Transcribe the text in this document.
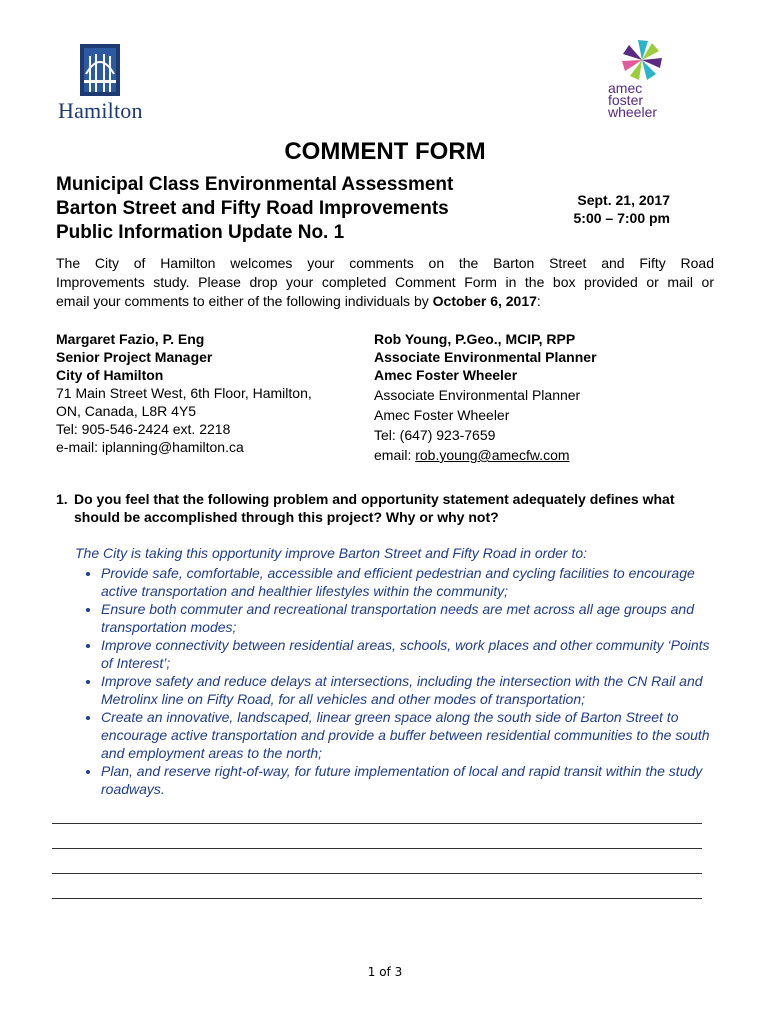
Hamilton
amec
foster
wheeler
COMMENT FORM
Municipal Class Environmental Assessment
Barton Street and Fifty Road Improvements
Public Information Update No. 1
Sept. 21, 2017
5:00 – 7:00 pm

The City of Hamilton welcomes your comments on the Barton Street and Fifty Road

Improvements study. Please drop your completed Comment Form in the box provided or mail or

email your comments to either of the following individuals by October 6, 2017:

Margaret Fazio, P. Eng
Senior Project Manager
City of Hamilton
71 Main Street West, 6th Floor, Hamilton,
ON, Canada, L8R 4Y5
Tel: 905-546-2424 ext. 2218
e-mail: iplanning@hamilton.ca
Rob Young, P.Geo., MCIP, RPP
Associate Environmental Planner
Amec Foster Wheeler
Associate Environmental Planner
Amec Foster Wheeler
Tel: (647) 923-7659
email: rob.young@amecfw.com
1. Do you feel that the following problem and opportunity statement adequately defines what should be accomplished through this project? Why or why not?

The City is taking this opportunity improve Barton Street and Fifty Road in order to:

• Provide safe, comfortable, accessible and efficient pedestrian and cycling facilities to encourage active transportation and healthier lifestyles within the community;
• Ensure both commuter and recreational transportation needs are met across all age groups and transportation modes;
• Improve connectivity between residential areas, schools, work places and other community ‘Points of Interest’;
• Improve safety and reduce delays at intersections, including the intersection with the CN Rail and Metrolinx line on Fifty Road, for all vehicles and other modes of transportation;
• Create an innovative, landscaped, linear green space along the south side of Barton Street to encourage active transportation and provide a buffer between residential communities to the south and employment areas to the north;
• Plan, and reserve right-of-way, for future implementation of local and rapid transit within the study roadways.
1 of 3
